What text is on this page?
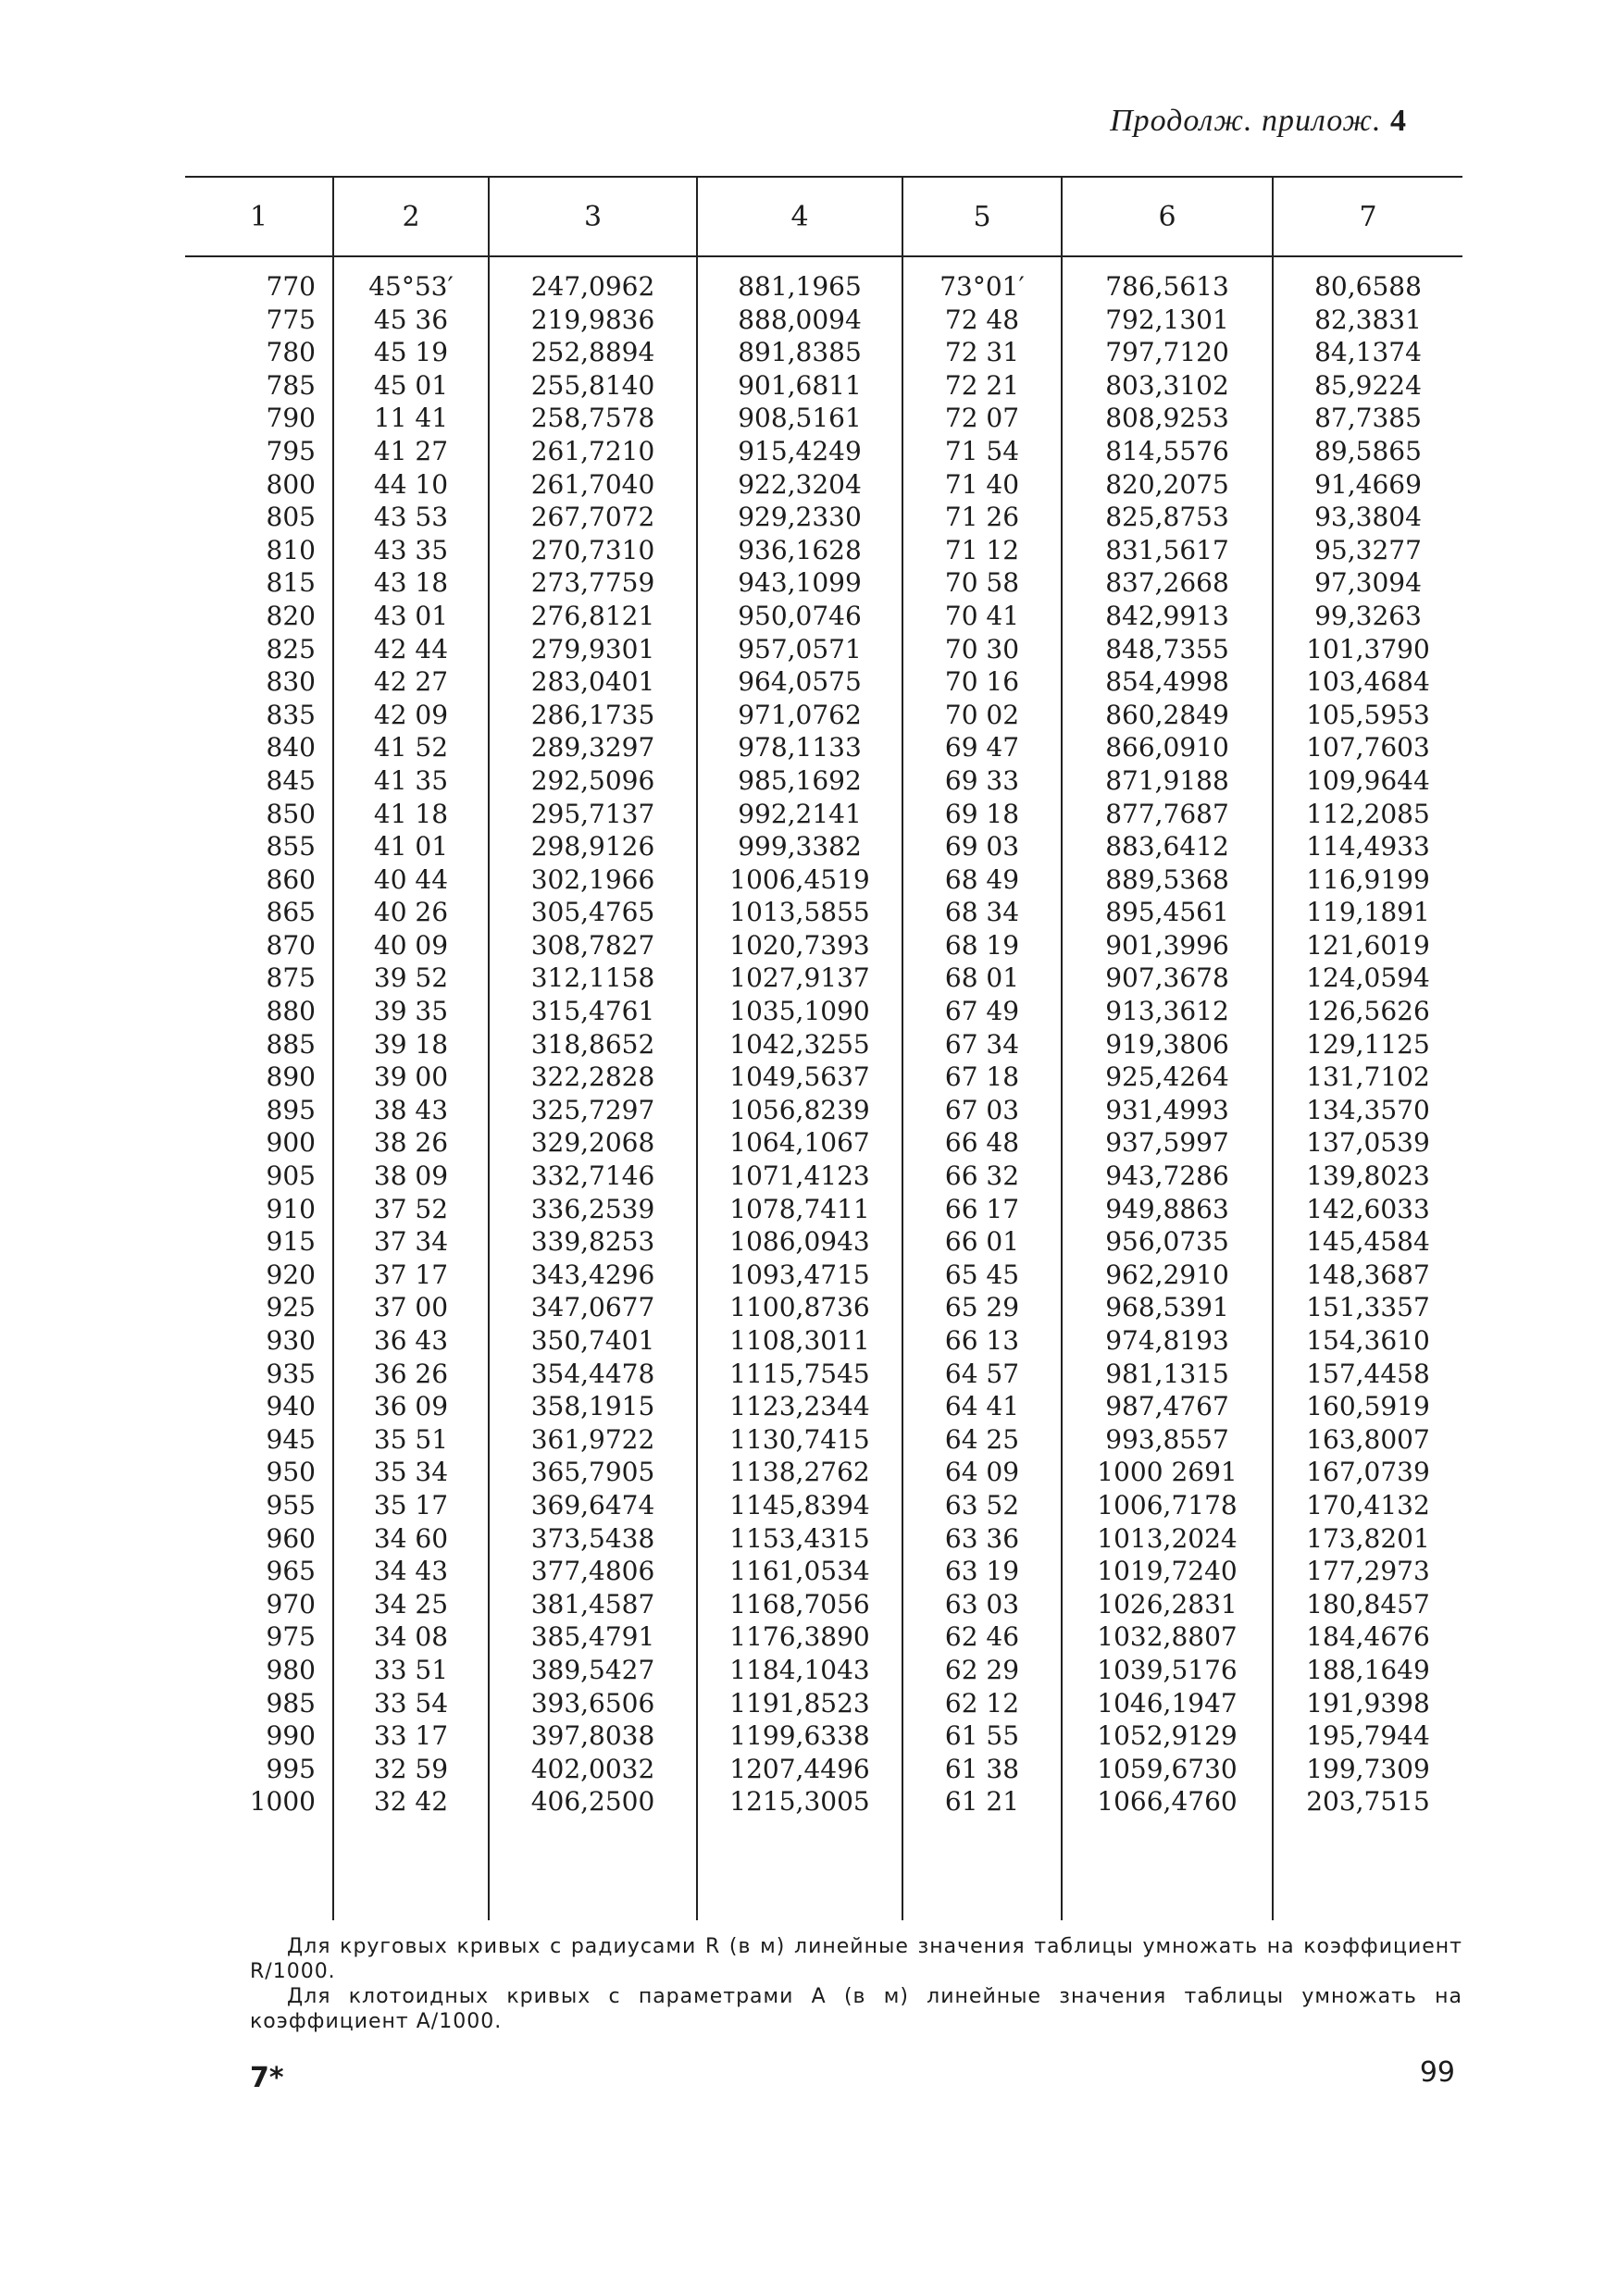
Продолж. прилож. 4
1	2	3	4	5	6	7
770	45°53′	247,0962	881,1965	73°01′	786,5613	80,6588
775	45 36	219,9836	888,0094	72 48	792,1301	82,3831
780	45 19	252,8894	891,8385	72 31	797,7120	84,1374
785	45 01	255,8140	901,6811	72 21	803,3102	85,9224
790	11 41	258,7578	908,5161	72 07	808,9253	87,7385
795	41 27	261,7210	915,4249	71 54	814,5576	89,5865
800	44 10	261,7040	922,3204	71 40	820,2075	91,4669
805	43 53	267,7072	929,2330	71 26	825,8753	93,3804
810	43 35	270,7310	936,1628	71 12	831,5617	95,3277
815	43 18	273,7759	943,1099	70 58	837,2668	97,3094
820	43 01	276,8121	950,0746	70 41	842,9913	99,3263
825	42 44	279,9301	957,0571	70 30	848,7355	101,3790
830	42 27	283,0401	964,0575	70 16	854,4998	103,4684
835	42 09	286,1735	971,0762	70 02	860,2849	105,5953
840	41 52	289,3297	978,1133	69 47	866,0910	107,7603
845	41 35	292,5096	985,1692	69 33	871,9188	109,9644
850	41 18	295,7137	992,2141	69 18	877,7687	112,2085
855	41 01	298,9126	999,3382	69 03	883,6412	114,4933
860	40 44	302,1966	1006,4519	68 49	889,5368	116,9199
865	40 26	305,4765	1013,5855	68 34	895,4561	119,1891
870	40 09	308,7827	1020,7393	68 19	901,3996	121,6019
875	39 52	312,1158	1027,9137	68 01	907,3678	124,0594
880	39 35	315,4761	1035,1090	67 49	913,3612	126,5626
885	39 18	318,8652	1042,3255	67 34	919,3806	129,1125
890	39 00	322,2828	1049,5637	67 18	925,4264	131,7102
895	38 43	325,7297	1056,8239	67 03	931,4993	134,3570
900	38 26	329,2068	1064,1067	66 48	937,5997	137,0539
905	38 09	332,7146	1071,4123	66 32	943,7286	139,8023
910	37 52	336,2539	1078,7411	66 17	949,8863	142,6033
915	37 34	339,8253	1086,0943	66 01	956,0735	145,4584
920	37 17	343,4296	1093,4715	65 45	962,2910	148,3687
925	37 00	347,0677	1100,8736	65 29	968,5391	151,3357
930	36 43	350,7401	1108,3011	66 13	974,8193	154,3610
935	36 26	354,4478	1115,7545	64 57	981,1315	157,4458
940	36 09	358,1915	1123,2344	64 41	987,4767	160,5919
945	35 51	361,9722	1130,7415	64 25	993,8557	163,8007
950	35 34	365,7905	1138,2762	64 09	1000 2691	167,0739
955	35 17	369,6474	1145,8394	63 52	1006,7178	170,4132
960	34 60	373,5438	1153,4315	63 36	1013,2024	173,8201
965	34 43	377,4806	1161,0534	63 19	1019,7240	177,2973
970	34 25	381,4587	1168,7056	63 03	1026,2831	180,8457
975	34 08	385,4791	1176,3890	62 46	1032,8807	184,4676
980	33 51	389,5427	1184,1043	62 29	1039,5176	188,1649
985	33 54	393,6506	1191,8523	62 12	1046,1947	191,9398
990	33 17	397,8038	1199,6338	61 55	1052,9129	195,7944
995	32 59	402,0032	1207,4496	61 38	1059,6730	199,7309
1000	32 42	406,2500	1215,3005	61 21	1066,4760	203,7515

Для круговых кривых с радиусами R (в м) линейные значения таблицы умножать на коэффициент R/1000.

Для клотоидных кривых с параметрами A (в м) линейные значения таблицы умножать на коэффициент A/1000.

7*	99
